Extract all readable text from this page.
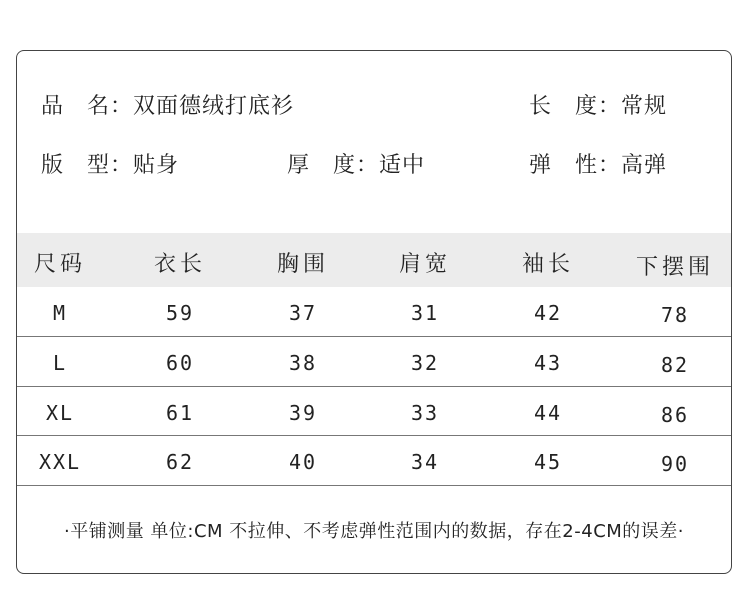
品　名：双面德绒打底衫	长　度：常规
版　型：贴身	厚　度：适中	弹　性：高弹
尺码	衣长	胸围	肩宽	袖长	下摆围
M	59	37	31	42	78
L	60	38	32	43	82
XL	61	39	33	44	86
XXL	62	40	34	45	90
·平铺测量 单位:CM 不拉伸、不考虑弹性范围内的数据，存在2-4CM的误差·
